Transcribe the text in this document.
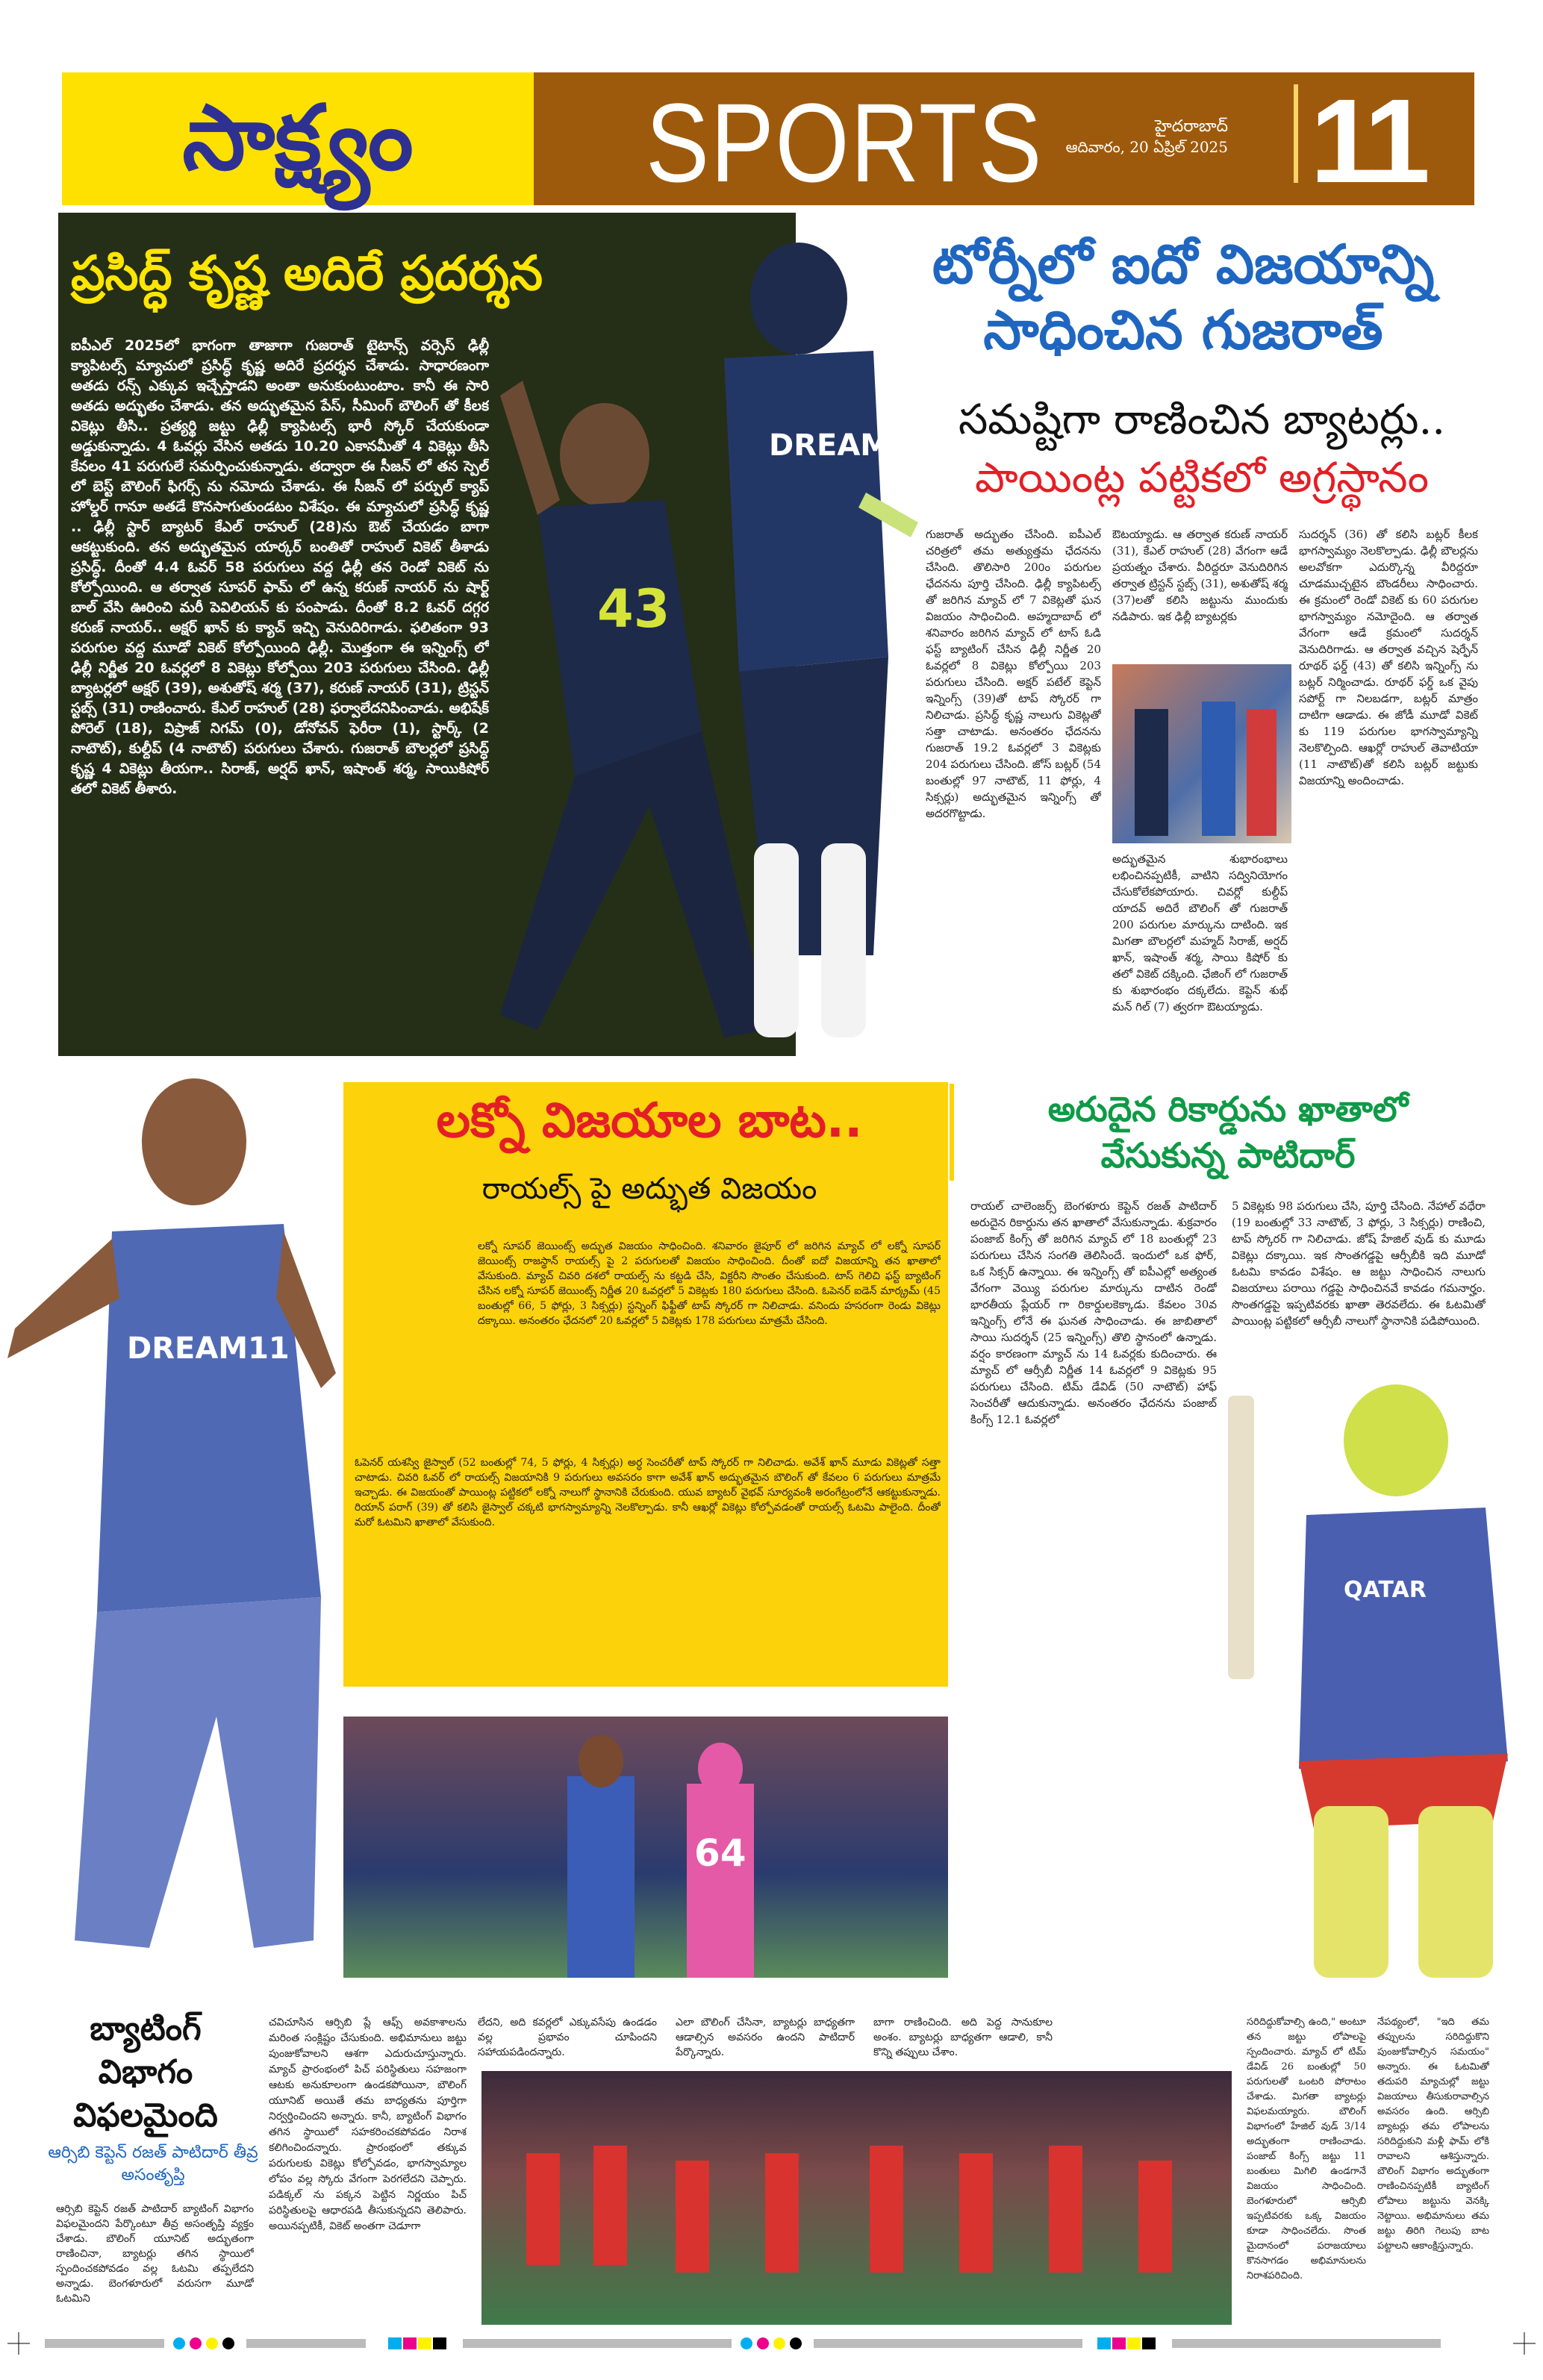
సాక్ష్యం SPORTS	హైదరాబాద్
ఆదివారం, 20 ఏప్రిల్ 2025 11
43
DREAM
ప్రసిద్ధ్ కృష్ణ అదిరే ప్రదర్శన
ఐపీఎల్ 2025లో భాగంగా తాజాగా గుజరాత్ టైటాన్స్ వర్సెస్ ఢిల్లీ క్యాపిటల్స్ మ్యాచులో ప్రసిద్ధ్ కృష్ణ అదిరే ప్రదర్శన చేశాడు. సాధారణంగా అతడు రన్స్ ఎక్కువ ఇచ్చేస్తాడని అంతా అనుకుంటుంటాం. కానీ ఈ సారి అతడు అద్భుతం చేశాడు. తన అద్భుతమైన పేస్, సీమింగ్ బౌలింగ్ తో కీలక వికెట్లు తీసి.. ప్రత్యర్థి జట్టు ఢిల్లీ క్యాపిటల్స్ భారీ స్కోర్ చేయకుండా అడ్డుకున్నాడు. 4 ఓవర్లు వేసిన అతడు 10.20 ఎకానమీతో 4 వికెట్లు తీసి కేవలం 41 పరుగులే సమర్పించుకున్నాడు. తద్వారా ఈ సీజన్ లో తన స్పెల్ లో బెస్ట్ బౌలింగ్ ఫిగర్స్ ను నమోదు చేశాడు. ఈ సీజన్ లో పర్పుల్ క్యాప్ హోల్డర్ గానూ అతడే కొనసాగుతుండటం విశేషం. ఈ మ్యాచులో ప్రసిద్ధ్ కృష్ణ .. ఢిల్లీ స్టార్ బ్యాటర్ కేఎల్ రాహుల్ (28)ను ఔట్ చేయడం బాగా ఆకట్టుకుంది. తన అద్భుతమైన యార్కర్ బంతితో రాహుల్ వికెట్ తీశాడు ప్రసిద్ధ్. దీంతో 4.4 ఓవర్ 58 పరుగులు వద్ద ఢిల్లీ తన రెండో వికెట్ ను కోల్పోయింది. ఆ తర్వాత సూపర్ ఫామ్ లో ఉన్న కరుణ్ నాయర్ ను షార్ట్ బాల్ వేసి ఊరించి మరీ పెవిలియన్ కు పంపాడు. దీంతో 8.2 ఓవర్ దగ్గర కరుణ్ నాయర్.. అక్షర్ ఖాన్ కు క్యాచ్ ఇచ్చి వెనుదిరిగాడు. ఫలితంగా 93 పరుగుల వద్ద మూడో వికెట్ కోల్పోయింది ఢిల్లీ. మొత్తంగా ఈ ఇన్నింగ్స్ లో ఢిల్లీ నిర్ణీత 20 ఓవర్లలో 8 వికెట్లు కోల్పోయి 203 పరుగులు చేసింది. ఢిల్లీ బ్యాటర్లలో అక్షర్ (39), అశుతోష్ శర్మ (37), కరుణ్ నాయర్ (31), ట్రిస్టన్ స్టబ్స్ (31) రాణించారు. కేఎల్ రాహుల్ (28) ఫర్వాలేదనిపించాడు. అభిషేక్ పోరెల్ (18), విప్రాజ్ నిగమ్ (0), డోనోవన్ ఫెరీరా (1), స్టార్క్ (2 నాటౌట్), కుల్దీప్ (4 నాటౌట్) పరుగులు చేశారు. గుజరాత్ బౌలర్లలో ప్రసిద్ధ్ కృష్ణ 4 వికెట్లు తీయగా.. సిరాజ్, అర్షద్ ఖాన్, ఇషాంత్ శర్మ, సాయికిషోర్ తలో వికెట్ తీశారు.
టోర్నీలో ఐదో విజయాన్ని
సాధించిన గుజరాత్
సమష్టిగా రాణించిన బ్యాటర్లు..
పాయింట్ల పట్టికలో అగ్రస్థానం
గుజరాత్ అద్భుతం చేసింది. ఐపీఎల్ చరిత్రలో తమ అత్యుత్తమ ఛేదనను చేసింది. తొలిసారి 200ం పరుగుల ఛేదనను పూర్తి చేసింది. ఢిల్లీ క్యాపిటల్స్ తో జరిగిన మ్యాచ్ లో 7 వికెట్లతో ఘన విజయం సాధించింది. అహ్మదాబాద్ లో శనివారం జరిగిన మ్యాచ్ లో టాస్ ఓడి ఫస్ట్ బ్యాటింగ్ చేసిన ఢిల్లీ నిర్ణీత 20 ఓవర్లలో 8 వికెట్లు కోల్పోయి 203 పరుగులు చేసింది. అక్షర్ పటేల్ కెప్టెన్ ఇన్నింగ్స్ (39)తో టాప్ స్కోరర్ గా నిలిచాడు. ప్రసిద్ధ్ కృష్ణ నాలుగు వికెట్లతో సత్తా చాటాడు. అనంతరం ఛేదనను గుజరాత్ 19.2 ఓవర్లలో 3 వికెట్లకు 204 పరుగులు చేసింది. జోస్ బట్లర్ (54 బంతుల్లో 97 నాటౌట్, 11 ఫోర్లు, 4 సిక్సర్లు) అద్భుతమైన ఇన్నింగ్స్ తో అదరగొట్టాడు.
ఔటయ్యాడు. ఆ తర్వాత కరుణ్ నాయర్ (31), కేఎల్ రాహుల్ (28) వేగంగా ఆడే ప్రయత్నం చేశారు. వీరిద్దరూ వెనుదిరిగిన తర్వాత ట్రిస్టన్ స్టబ్స్ (31), అశుతోష్ శర్మ (37)లతో కలిసి జట్టును ముందుకు నడిపారు. ఇక ఢిల్లీ బ్యాటర్లకు
అద్భుతమైన శుభారంభాలు లభించినప్పటికీ, వాటిని సద్వినియోగం చేసుకోలేకపోయారు. చివర్లో కుల్దీప్ యాదవ్ అదిరే బౌలింగ్ తో గుజరాత్ 200 పరుగుల మార్కును దాటింది. ఇక మిగతా బౌలర్లలో మహ్మద్ సిరాజ్, అర్షద్ ఖాన్, ఇషాంత్ శర్మ, సాయి కిషోర్ కు తలో వికెట్ దక్కింది. ఛేజింగ్ లో గుజరాత్ కు శుభారంభం దక్కలేదు. కెప్టెన్ శుభ్ మన్ గిల్ (7) త్వరగా ఔటయ్యాడు.
సుదర్శన్ (36) తో కలిసి బట్లర్ కీలక భాగస్వామ్యం నెలకొల్పాడు. ఢిల్లీ బౌలర్లను అలవోకగా ఎదుర్కొన్న వీరిద్దరూ చూడముచ్చటైన బౌండరీలు సాధించారు. ఈ క్రమంలో రెండో వికెట్ కు 60 పరుగుల భాగస్వామ్యం నమోదైంది. ఆ తర్వాత వేగంగా ఆడే క్రమంలో సుదర్శన్ వెనుదిరిగాడు. ఆ తర్వాత వచ్చిన షెర్ఫేన్ రూథర్ ఫర్డ్ (43) తో కలిసి ఇన్నింగ్స్ ను బట్లర్ నిర్మించాడు. రూథర్ ఫర్డ్ ఒక వైపు సపోర్ట్ గా నిలబడగా, బట్లర్ మాత్రం దాటిగా ఆడాడు. ఈ జోడీ మూడో వికెట్ కు 119 పరుగుల భాగస్వామ్యాన్ని నెలకొల్పింది. ఆఖర్లో రాహుల్ తెవాటియా (11 నాటౌట్)తో కలిసి బట్లర్ జట్టుకు విజయాన్ని అందించాడు.
DREAM11
లక్నో విజయాల బాట..
రాయల్స్ పై అద్భుత విజయం
లక్నో సూపర్ జెయింట్స్ అద్భుత విజయం సాధించింది. శనివారం జైపూర్ లో జరిగిన మ్యాచ్ లో లక్నో సూపర్ జెయింట్స్ రాజస్థాన్ రాయల్స్ పై 2 పరుగులతో విజయం సాధించింది. దీంతో ఐదో విజయాన్ని తన ఖాతాలో వేసుకుంది. మ్యాచ్ చివరి దశలో రాయల్స్ ను కట్టడి చేసి, విక్టరీని సొంతం చేసుకుంది. టాస్ గెలిచి ఫస్ట్ బ్యాటింగ్ చేసిన లక్నో సూపర్ జెయింట్స్ నిర్ణీత 20 ఓవర్లలో 5 వికెట్లకు 180 పరుగులు చేసింది. ఓపెనర్ ఐడెన్ మార్క్రమ్ (45 బంతుల్లో 66, 5 ఫోర్లు, 3 సిక్సర్లు) స్టన్నింగ్ ఫిఫ్టీతో టాప్ స్కోరర్ గా నిలిచాడు. వనిందు హసరంగా రెండు వికెట్లు దక్కాయి. అనంతరం ఛేదనలో 20 ఓవర్లలో 5 వికెట్లకు 178 పరుగులు మాత్రమే చేసింది.
ఓపెనర్ యశస్వి జైస్వాల్ (52 బంతుల్లో 74, 5 ఫోర్లు, 4 సిక్సర్లు) అర్ధ సెంచరీతో టాప్ స్కోరర్ గా నిలిచాడు. అవేశ్ ఖాన్ మూడు వికెట్లతో సత్తా చాటాడు. చివరి ఓవర్ లో రాయల్స్ విజయానికి 9 పరుగులు అవసరం కాగా అవేశ్ ఖాన్ అద్భుతమైన బౌలింగ్ తో కేవలం 6 పరుగులు మాత్రమే ఇచ్చాడు. ఈ విజయంతో పాయింట్ల పట్టికలో లక్నో నాలుగో స్థానానికి చేరుకుంది. యువ బ్యాటర్ వైభవ్ సూర్యవంశీ అరంగేట్రంలోనే ఆకట్టుకున్నాడు. రియాన్ పరాగ్ (39) తో కలిసి జైస్వాల్ చక్కటి భాగస్వామ్యాన్ని నెలకొల్పాడు. కానీ ఆఖర్లో వికెట్లు కోల్పోవడంతో రాయల్స్ ఓటమి పాలైంది. దీంతో మరో ఓటమిని ఖాతాలో వేసుకుంది.
64
అరుదైన రికార్డును ఖాతాలో
వేసుకున్న పాటిదార్
రాయల్ చాలెంజర్స్ బెంగళూరు కెప్టెన్ రజత్ పాటిదార్ అరుదైన రికార్డును తన ఖాతాలో వేసుకున్నాడు. శుక్రవారం పంజాబ్ కింగ్స్ తో జరిగిన మ్యాచ్ లో 18 బంతుల్లో 23 పరుగులు చేసిన సంగతి తెలిసిందే. ఇందులో ఒక ఫోర్, ఒక సిక్సర్ ఉన్నాయి. ఈ ఇన్నింగ్స్ తో ఐపీఎల్లో అత్యంత వేగంగా వెయ్యి పరుగుల మార్కును దాటిన రెండో భారతీయ ప్లేయర్ గా రికార్డులకెక్కాడు. కేవలం 30వ ఇన్నింగ్స్ లోనే ఈ ఘనత సాధించాడు. ఈ జాబితాలో సాయి సుదర్శన్ (25 ఇన్నింగ్స్) తొలి స్థానంలో ఉన్నాడు. వర్షం కారణంగా మ్యాచ్ ను 14 ఓవర్లకు కుదించారు. ఈ మ్యాచ్ లో ఆర్సీబీ నిర్ణీత 14 ఓవర్లలో 9 వికెట్లకు 95 పరుగులు చేసింది. టిమ్ డేవిడ్ (50 నాటౌట్) హాఫ్ సెంచరీతో ఆదుకున్నాడు. అనంతరం ఛేదనను పంజాబ్ కింగ్స్ 12.1 ఓవర్లలో
5 వికెట్లకు 98 పరుగులు చేసి, పూర్తి చేసింది. నేహాల్ వధేరా (19 బంతుల్లో 33 నాటౌట్, 3 ఫోర్లు, 3 సిక్సర్లు) రాణించి, టాప్ స్కోరర్ గా నిలిచాడు. జోష్ హేజిల్ వుడ్ కు మూడు వికెట్లు దక్కాయి. ఇక సొంతగడ్డపై ఆర్సీబీకి ఇది మూడో ఓటమి కావడం విశేషం. ఆ జట్టు సాధించిన నాలుగు విజయాలు పరాయి గడ్డపై సాధించినవే కావడం గమనార్హం. సొంతగడ్డపై ఇప్పటివరకు ఖాతా తెరవలేదు. ఈ ఓటమితో పాయింట్ల పట్టికలో ఆర్సీబీ నాలుగో స్థానానికి పడిపోయింది.
QATAR
బ్యాటింగ్ విభాగం విఫలమైంది
ఆర్సిబి కెప్టెన్ రజత్ పాటిదార్ తీవ్ర అసంతృప్తి
ఆర్సిబి కెప్టెన్ రజత్ పాటిదార్ బ్యాటింగ్ విభాగం విఫలమైందని పేర్కొంటూ తీవ్ర అసంతృప్తి వ్యక్తం చేశాడు. బౌలింగ్ యూనిట్ అద్భుతంగా రాణించినా, బ్యాటర్లు తగిన స్థాయిలో స్పందించకపోవడం వల్ల ఓటమి తప్పలేదని అన్నాడు. బెంగళూరులో వరుసగా మూడో ఓటమిని
చవిచూసిన ఆర్సిబి ప్లే ఆఫ్స్ అవకాశాలను మరింత సంక్లిష్టం చేసుకుంది. అభిమానులు జట్టు పుంజుకోవాలని ఆశగా ఎదురుచూస్తున్నారు. మ్యాచ్ ప్రారంభంలో పిచ్ పరిస్థితులు సహజంగా ఆటకు అనుకూలంగా ఉండకపోయినా, బౌలింగ్ యూనిట్ అయితే తమ బాధ్యతను పూర్తిగా నిర్వర్తించిందని అన్నారు. కానీ, బ్యాటింగ్ విభాగం తగిన స్థాయిలో సహకరించకపోవడం నిరాశ కలిగించిందన్నారు. ప్రారంభంలో తక్కువ పరుగులకు వికెట్లు కోల్పోవడం, భాగస్వామ్యాల లోపం వల్ల స్కోరు వేగంగా పెరగలేదని చెప్పారు. పడిక్కల్ ను పక్కన పెట్టిన నిర్ణయం పిచ్ పరిస్థితులపై ఆధారపడి తీసుకున్నదని తెలిపారు. అయినప్పటికీ, వికెట్ అంతగా చెడూగా
లేదని, అది కవర్లలో ఎక్కువసేపు ఉండడం వల్ల ప్రభావం చూపిందని సహాయపడిందన్నారు.
ఎలా బౌలింగ్ చేసినా, బ్యాటర్లు బాధ్యతగా ఆడాల్సిన అవసరం ఉందని పాటిదార్ పేర్కొన్నారు.
బాగా రాణించింది. అది పెద్ద సానుకూల అంశం. బ్యాటర్లు బాధ్యతగా ఆడాలి, కానీ కొన్ని తప్పులు చేశాం.
సరిదిద్దుకోవాల్సి ఉంది," అంటూ తన జట్టు లోపాలపై స్పందించారు. మ్యాచ్ లో టిమ్ డేవిడ్ 26 బంతుల్లో 50 పరుగులతో ఒంటరి పోరాటం చేశాడు. మిగతా బ్యాటర్లు విఫలమయ్యారు. బౌలింగ్ విభాగంలో హేజిల్ వుడ్ 3/14 అద్భుతంగా రాణించాడు. పంజాబ్ కింగ్స్ జట్టు 11 బంతులు మిగిలి ఉండగానే విజయం సాధించింది. బెంగళూరులో ఆర్సిబి ఇప్పటివరకు ఒక్క విజయం కూడా సాధించలేదు. సొంత మైదానంలో పరాజయాలు కొనసాగడం అభిమానులను నిరాశపరిచింది.
నేపథ్యంలో, "ఇది తమ తప్పులను సరిదిద్దుకొని పుంజుకోవాల్సిన సమయం" అన్నారు. ఈ ఓటమితో తదుపరి మ్యాచుల్లో జట్టు విజయాలు తీసుకురావాల్సిన అవసరం ఉంది. ఆర్సిబి బ్యాటర్లు తమ లోపాలను సరిదిద్దుకుని మళ్లీ ఫామ్ లోకి రావాలని ఆశిస్తున్నారు. బౌలింగ్ విభాగం అద్భుతంగా రాణించినప్పటికీ బ్యాటింగ్ లోపాలు జట్టును వెనక్కి నెట్టాయి. అభిమానులు తమ జట్టు తిరిగి గెలుపు బాట పట్టాలని ఆకాంక్షిస్తున్నారు.
